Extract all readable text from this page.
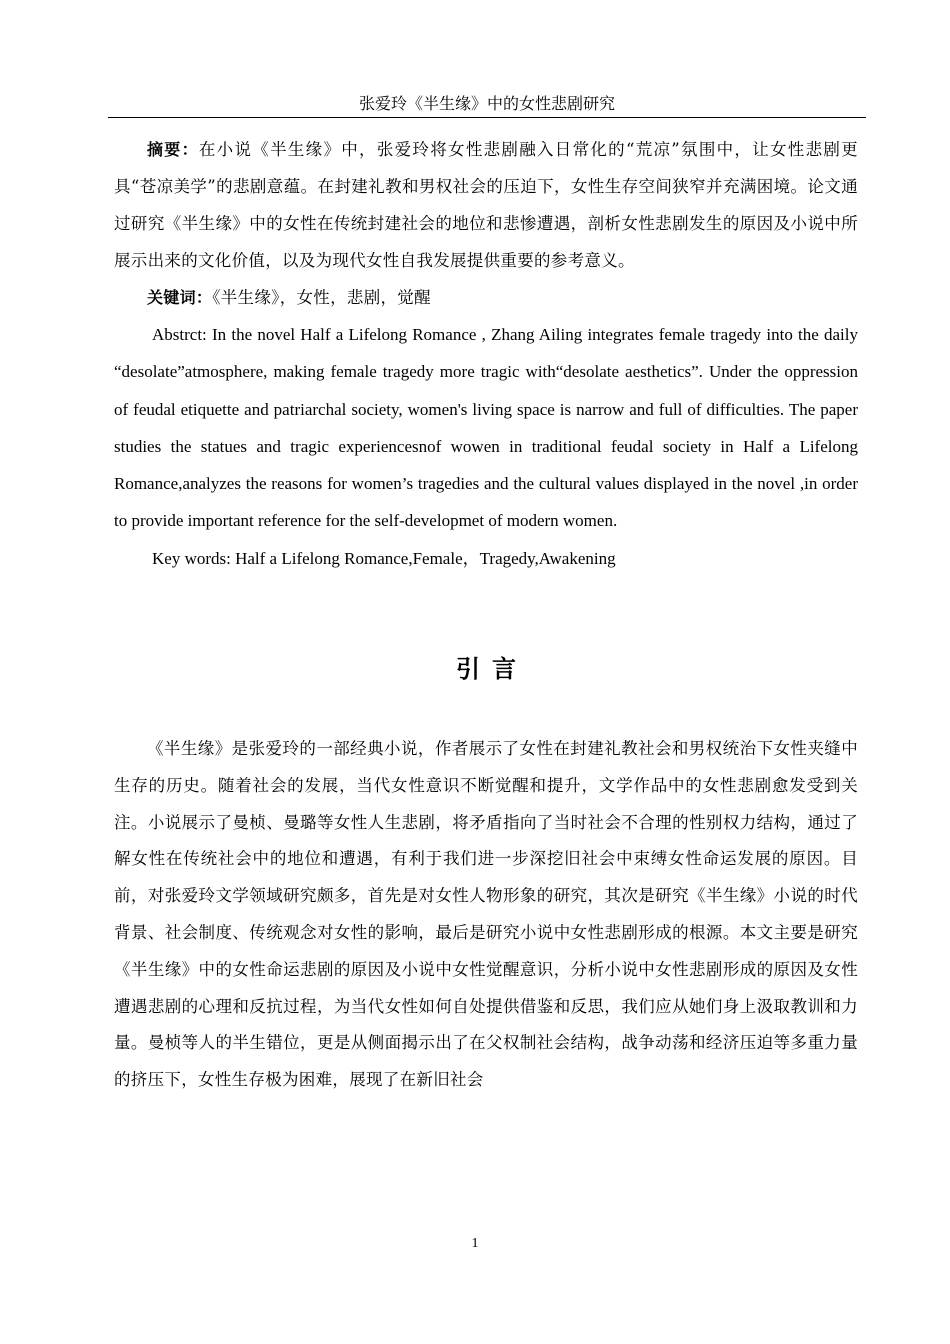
张爱玲《半生缘》中的女性悲剧研究

摘要：在小说《半生缘》中，张爱玲将女性悲剧融入日常化的“荒凉”氛围中，让女性悲剧更具“苍凉美学”的悲剧意蕴。在封建礼教和男权社会的压迫下，女性生存空间狭窄并充满困境。论文通过研究《半生缘》中的女性在传统封建社会的地位和悲惨遭遇，剖析女性悲剧发生的原因及小说中所展示出来的文化价值，以及为现代女性自我发展提供重要的参考意义。

关键词：《半生缘》，女性，悲剧，觉醒

Abstrct: In the novel Half a Lifelong Romance , Zhang Ailing integrates female tragedy into the daily “desolate”atmosphere, making female tragedy more tragic with“desolate aesthetics”. Under the oppression of feudal etiquette and patriarchal society, women's living space is narrow and full of difficulties. The paper studies the statues and tragic experiencesnof wowen in traditional feudal society in Half a Lifelong Romance,analyzes the reasons for women’s tragedies and the cultural values displayed in the novel ,in order to provide important reference for the self-developmet of modern women.

Key words: Half a Lifelong Romance,Female，Tragedy,Awakening

引言

《半生缘》是张爱玲的一部经典小说，作者展示了女性在封建礼教社会和男权统治下女性夹缝中生存的历史。随着社会的发展，当代女性意识不断觉醒和提升，文学作品中的女性悲剧愈发受到关注。小说展示了曼桢、曼璐等女性人生悲剧，将矛盾指向了当时社会不合理的性别权力结构，通过了解女性在传统社会中的地位和遭遇，有利于我们进一步深挖旧社会中束缚女性命运发展的原因。目前，对张爱玲文学领域研究颇多，首先是对女性人物形象的研究，其次是研究《半生缘》小说的时代背景、社会制度、传统观念对女性的影响，最后是研究小说中女性悲剧形成的根源。本文主要是研究《半生缘》中的女性命运悲剧的原因及小说中女性觉醒意识，分析小说中女性悲剧形成的原因及女性遭遇悲剧的心理和反抗过程，为当代女性如何自处提供借鉴和反思，我们应从她们身上汲取教训和力量。曼桢等人的半生错位，更是从侧面揭示出了在父权制社会结构，战争动荡和经济压迫等多重力量的挤压下，女性生存极为困难，展现了在新旧社会

1
